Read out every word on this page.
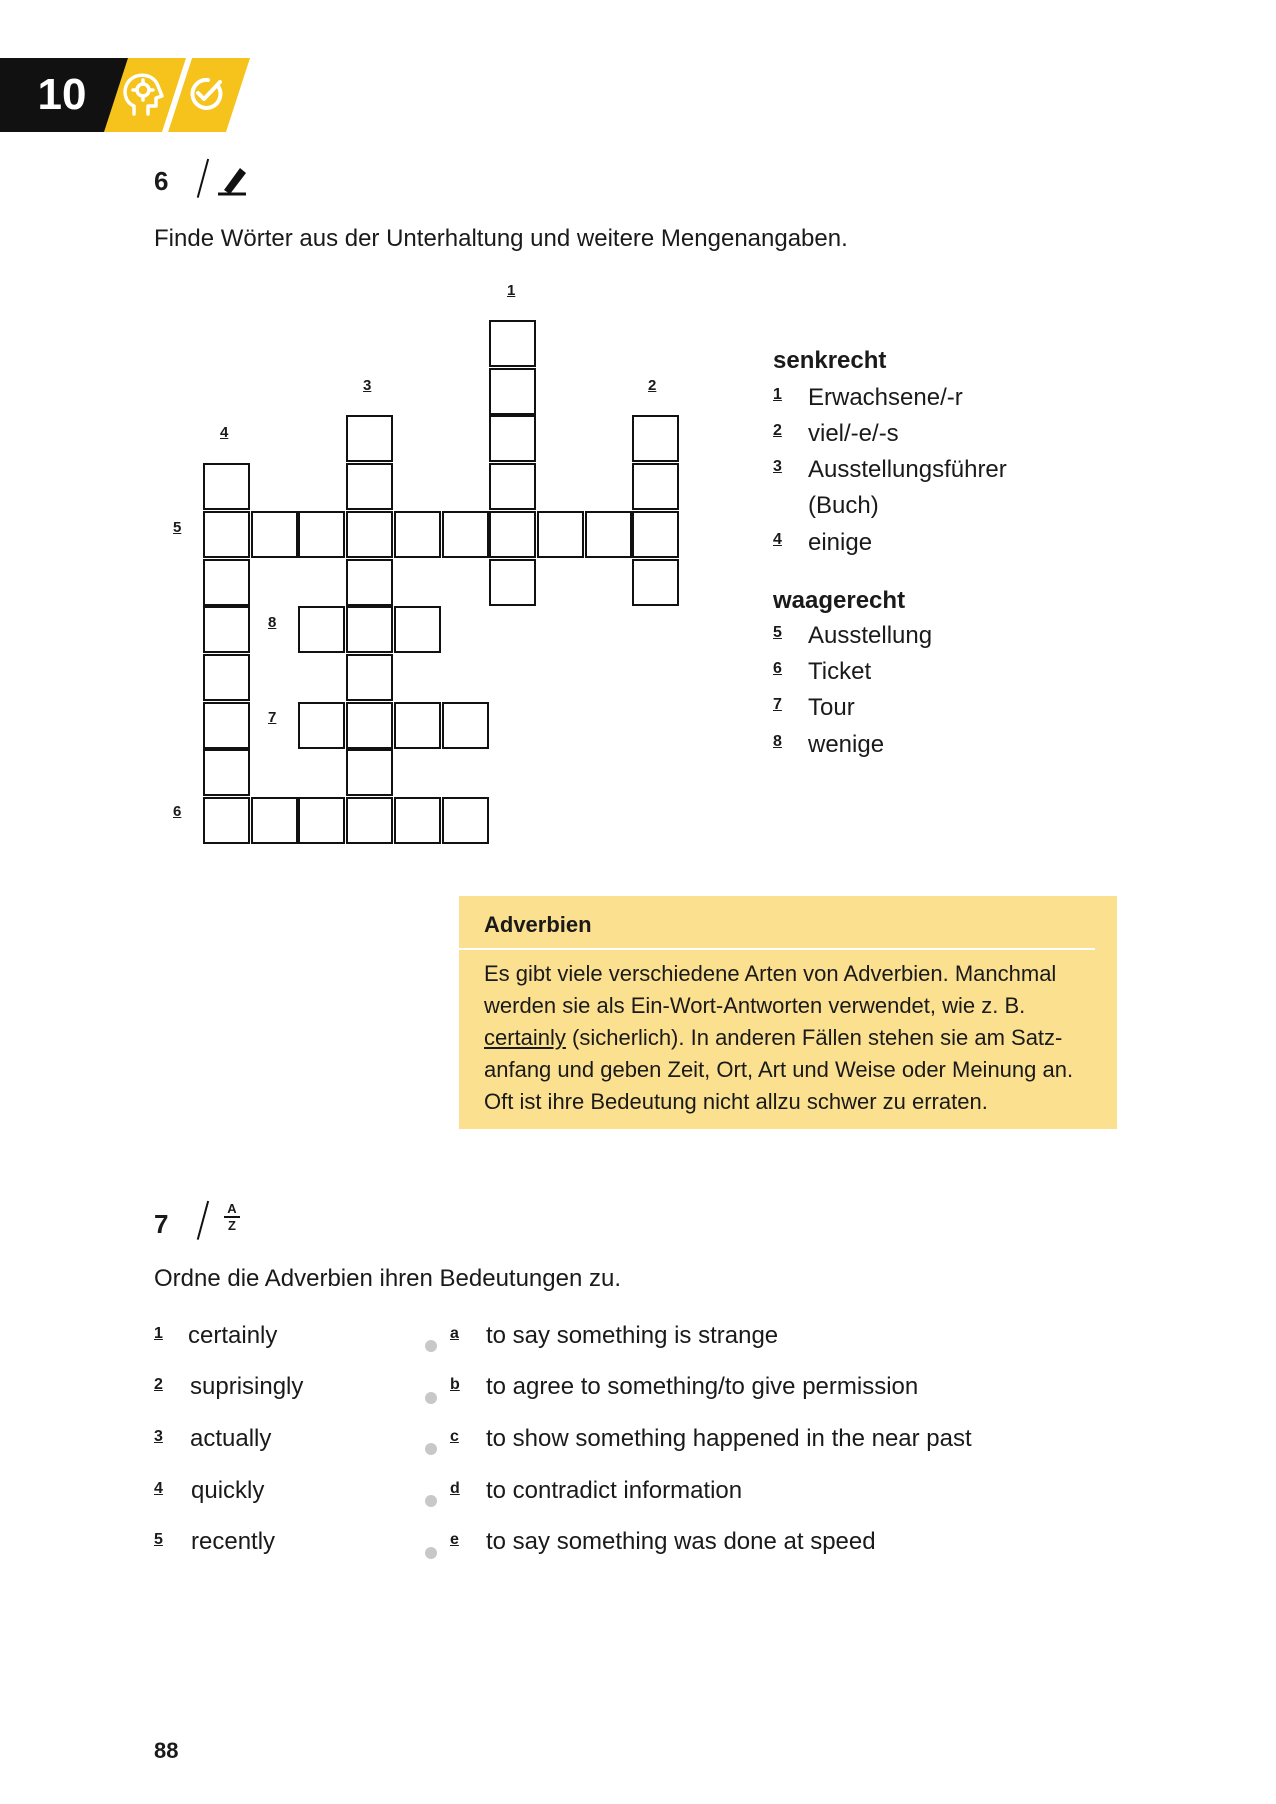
10
6
Finde Wörter aus der Unterhaltung und weitere Mengenangaben.
1
2
3
4
5
6
7
8
senkrecht
1 Erwachsene/-r
2 viel/-e/-s
3 Ausstellungsführer
(Buch)
4 einige
waagerecht
5 Ausstellung
6 Ticket
7 Tour
8 wenige
Adverbien
Es gibt viele verschiedene Arten von Adverbien. Manchmal werden sie als Ein-Wort-Antworten verwendet, wie z. B. certainly (sicherlich). In anderen Fällen stehen sie am Satz-anfang und geben Zeit, Ort, Art und Weise oder Meinung an. Oft ist ihre Bedeutung nicht allzu schwer zu erraten.
7
A
Z
Ordne die Adverbien ihren Bedeutungen zu.
1 certainly
2 suprisingly
3 actually
4 quickly
5 recently
a to say something is strange
b to agree to something/to give permission
c to show something happened in the near past
d to contradict information
e to say something was done at speed
88
